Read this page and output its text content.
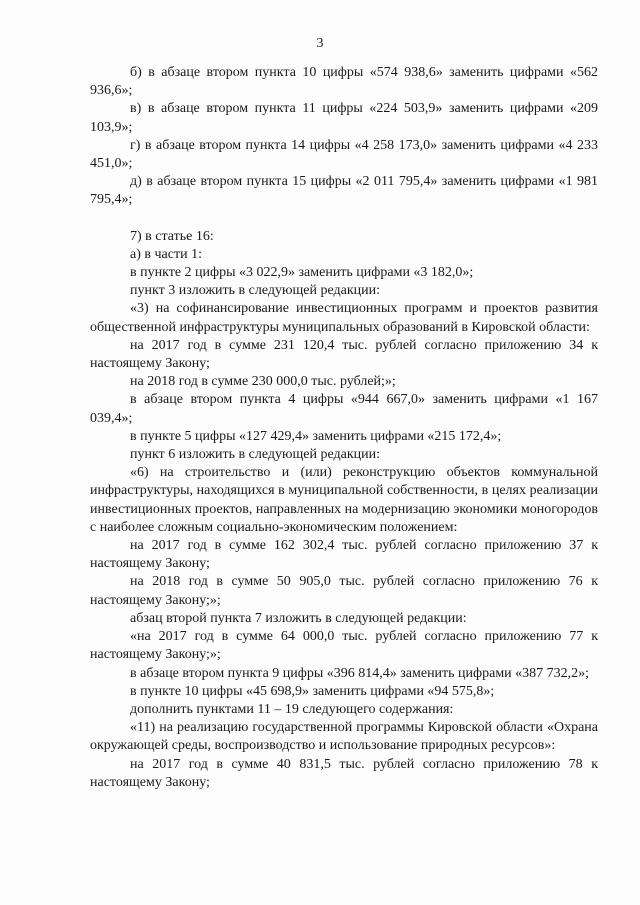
3

б) в абзаце втором пункта 10 цифры «574 938,6» заменить цифрами «562 936,6»;

в) в абзаце втором пункта 11 цифры «224 503,9» заменить цифрами «209 103,9»;

г) в абзаце втором пункта 14 цифры «4 258 173,0» заменить цифрами «4 233 451,0»;

д) в абзаце втором пункта 15 цифры «2 011 795,4» заменить цифрами «1 981 795,4»;

7) в статье 16:

а) в части 1:

в пункте 2 цифры «3 022,9» заменить цифрами «3 182,0»;

пункт 3 изложить в следующей редакции:

«3) на софинансирование инвестиционных программ и проектов развития общественной инфраструктуры муниципальных образований в Кировской области:

на 2017 год в сумме 231 120,4 тыс. рублей согласно приложению 34 к настоящему Закону;

на 2018 год в сумме 230 000,0 тыс. рублей;»;

в абзаце втором пункта 4 цифры «944 667,0» заменить цифрами «1 167 039,4»;

в пункте 5 цифры «127 429,4» заменить цифрами «215 172,4»;

пункт 6 изложить в следующей редакции:

«6) на строительство и (или) реконструкцию объектов коммунальной инфраструктуры, находящихся в муниципальной собственности, в целях реализации инвестиционных проектов, направленных на модернизацию экономики моногородов с наиболее сложным социально-экономическим положением:

на 2017 год в сумме 162 302,4 тыс. рублей согласно приложению 37 к настоящему Закону;

на 2018 год в сумме 50 905,0 тыс. рублей согласно приложению 76 к настоящему Закону;»;

абзац второй пункта 7 изложить в следующей редакции:

«на 2017 год в сумме 64 000,0 тыс. рублей согласно приложению 77 к настоящему Закону;»;

в абзаце втором пункта 9 цифры «396 814,4» заменить цифрами «387 732,2»;

в пункте 10 цифры «45 698,9» заменить цифрами «94 575,8»;

дополнить пунктами 11 – 19 следующего содержания:

«11) на реализацию государственной программы Кировской области «Охрана окружающей среды, воспроизводство и использование природных ресурсов»:

на 2017 год в сумме 40 831,5 тыс. рублей согласно приложению 78 к настоящему Закону;
